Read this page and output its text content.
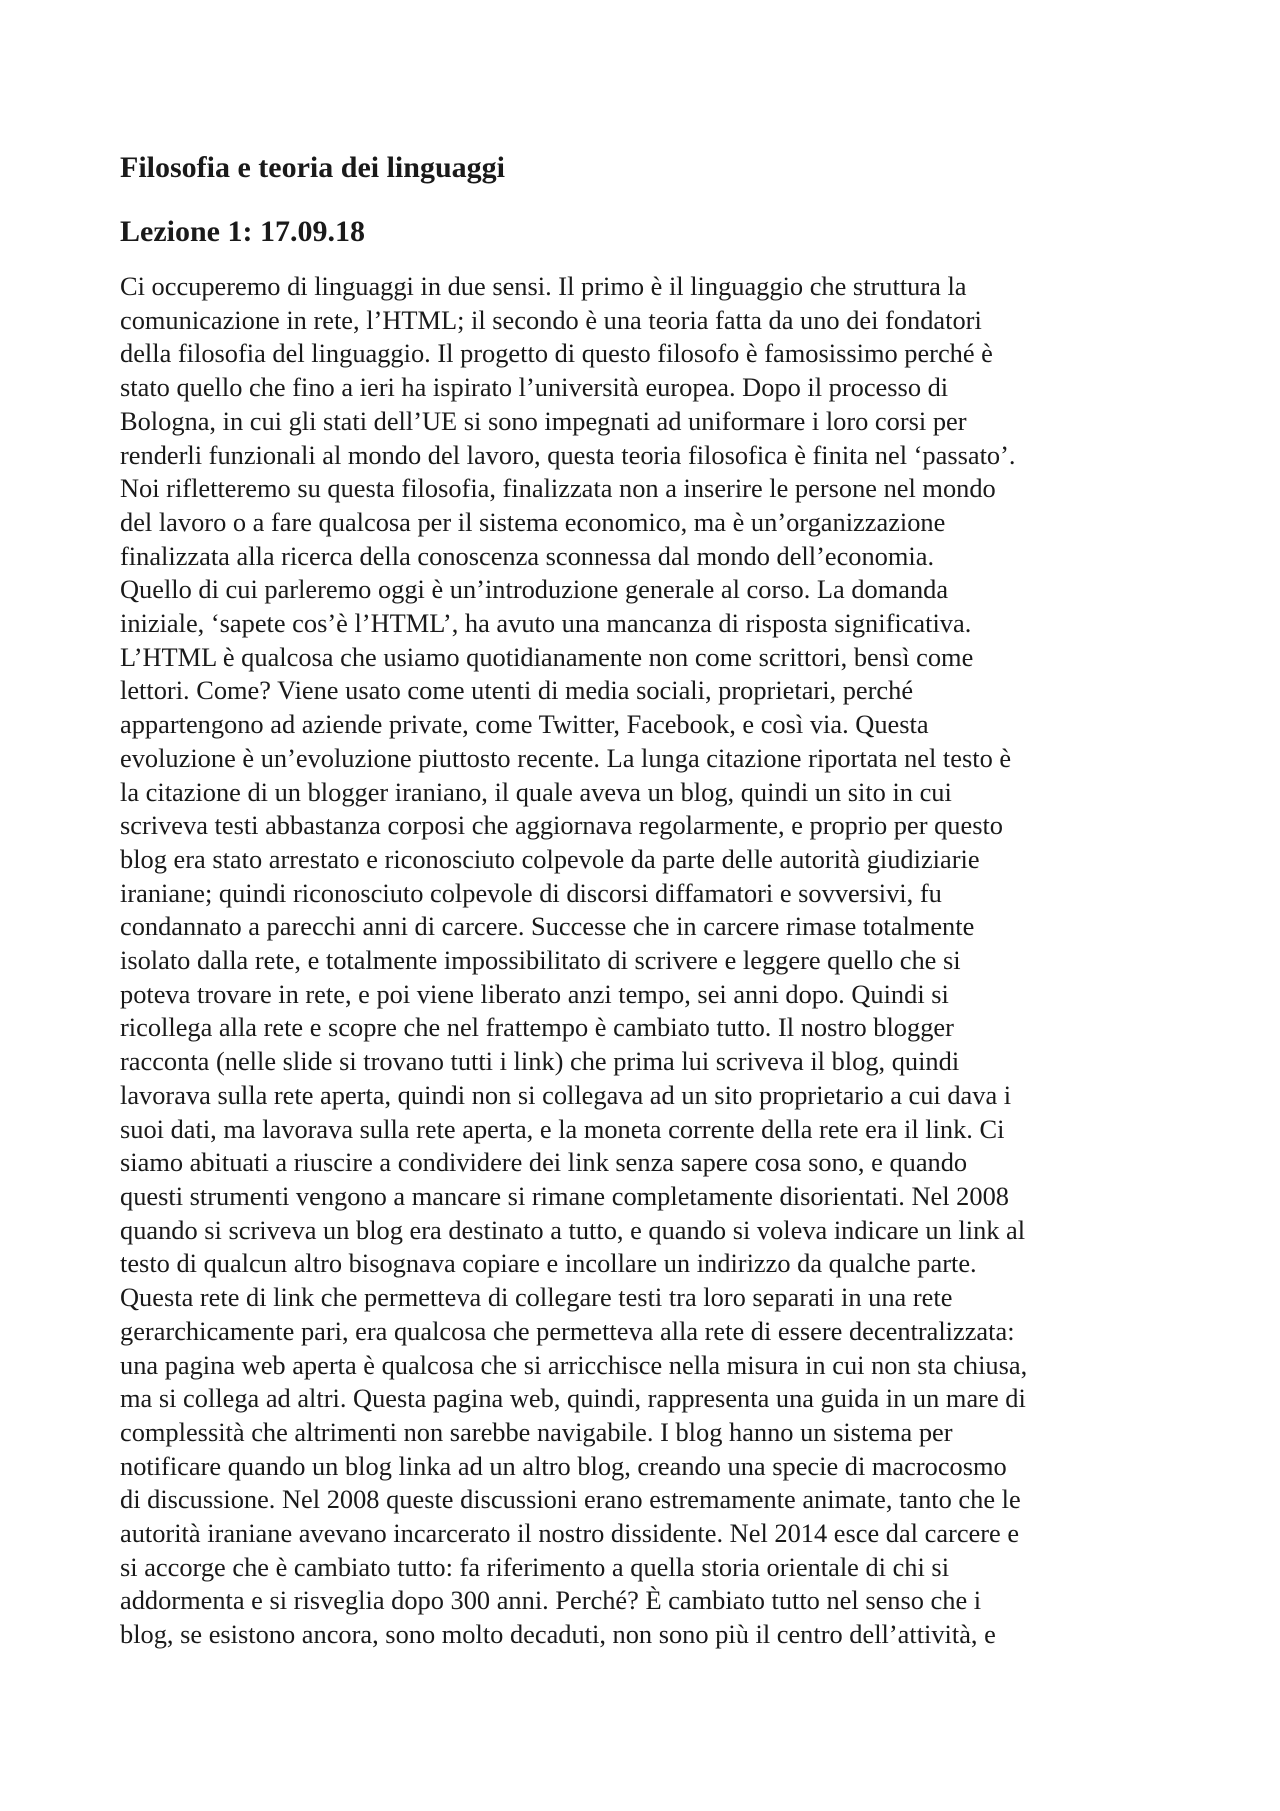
Filosofia e teoria dei linguaggi
Lezione 1: 17.09.18

Ci occuperemo di linguaggi in due sensi. Il primo è il linguaggio che struttura la
comunicazione in rete, l’HTML; il secondo è una teoria fatta da uno dei fondatori
della filosofia del linguaggio. Il progetto di questo filosofo è famosissimo perché è
stato quello che fino a ieri ha ispirato l’università europea. Dopo il processo di
Bologna, in cui gli stati dell’UE si sono impegnati ad uniformare i loro corsi per
renderli funzionali al mondo del lavoro, questa teoria filosofica è finita nel ‘passato’.
Noi rifletteremo su questa filosofia, finalizzata non a inserire le persone nel mondo
del lavoro o a fare qualcosa per il sistema economico, ma è un’organizzazione
finalizzata alla ricerca della conoscenza sconnessa dal mondo dell’economia.
Quello di cui parleremo oggi è un’introduzione generale al corso. La domanda
iniziale, ‘sapete cos’è l’HTML’, ha avuto una mancanza di risposta significativa.
L’HTML è qualcosa che usiamo quotidianamente non come scrittori, bensì come
lettori. Come? Viene usato come utenti di media sociali, proprietari, perché
appartengono ad aziende private, come Twitter, Facebook, e così via. Questa
evoluzione è un’evoluzione piuttosto recente. La lunga citazione riportata nel testo è
la citazione di un blogger iraniano, il quale aveva un blog, quindi un sito in cui
scriveva testi abbastanza corposi che aggiornava regolarmente, e proprio per questo
blog era stato arrestato e riconosciuto colpevole da parte delle autorità giudiziarie
iraniane; quindi riconosciuto colpevole di discorsi diffamatori e sovversivi, fu
condannato a parecchi anni di carcere. Successe che in carcere rimase totalmente
isolato dalla rete, e totalmente impossibilitato di scrivere e leggere quello che si
poteva trovare in rete, e poi viene liberato anzi tempo, sei anni dopo. Quindi si
ricollega alla rete e scopre che nel frattempo è cambiato tutto. Il nostro blogger
racconta (nelle slide si trovano tutti i link) che prima lui scriveva il blog, quindi
lavorava sulla rete aperta, quindi non si collegava ad un sito proprietario a cui dava i
suoi dati, ma lavorava sulla rete aperta, e la moneta corrente della rete era il link. Ci
siamo abituati a riuscire a condividere dei link senza sapere cosa sono, e quando
questi strumenti vengono a mancare si rimane completamente disorientati. Nel 2008
quando si scriveva un blog era destinato a tutto, e quando si voleva indicare un link al
testo di qualcun altro bisognava copiare e incollare un indirizzo da qualche parte.
Questa rete di link che permetteva di collegare testi tra loro separati in una rete
gerarchicamente pari, era qualcosa che permetteva alla rete di essere decentralizzata:
una pagina web aperta è qualcosa che si arricchisce nella misura in cui non sta chiusa,
ma si collega ad altri. Questa pagina web, quindi, rappresenta una guida in un mare di
complessità che altrimenti non sarebbe navigabile. I blog hanno un sistema per
notificare quando un blog linka ad un altro blog, creando una specie di macrocosmo
di discussione. Nel 2008 queste discussioni erano estremamente animate, tanto che le
autorità iraniane avevano incarcerato il nostro dissidente. Nel 2014 esce dal carcere e
si accorge che è cambiato tutto: fa riferimento a quella storia orientale di chi si
addormenta e si risveglia dopo 300 anni. Perché? È cambiato tutto nel senso che i
blog, se esistono ancora, sono molto decaduti, non sono più il centro dell’attività, e
